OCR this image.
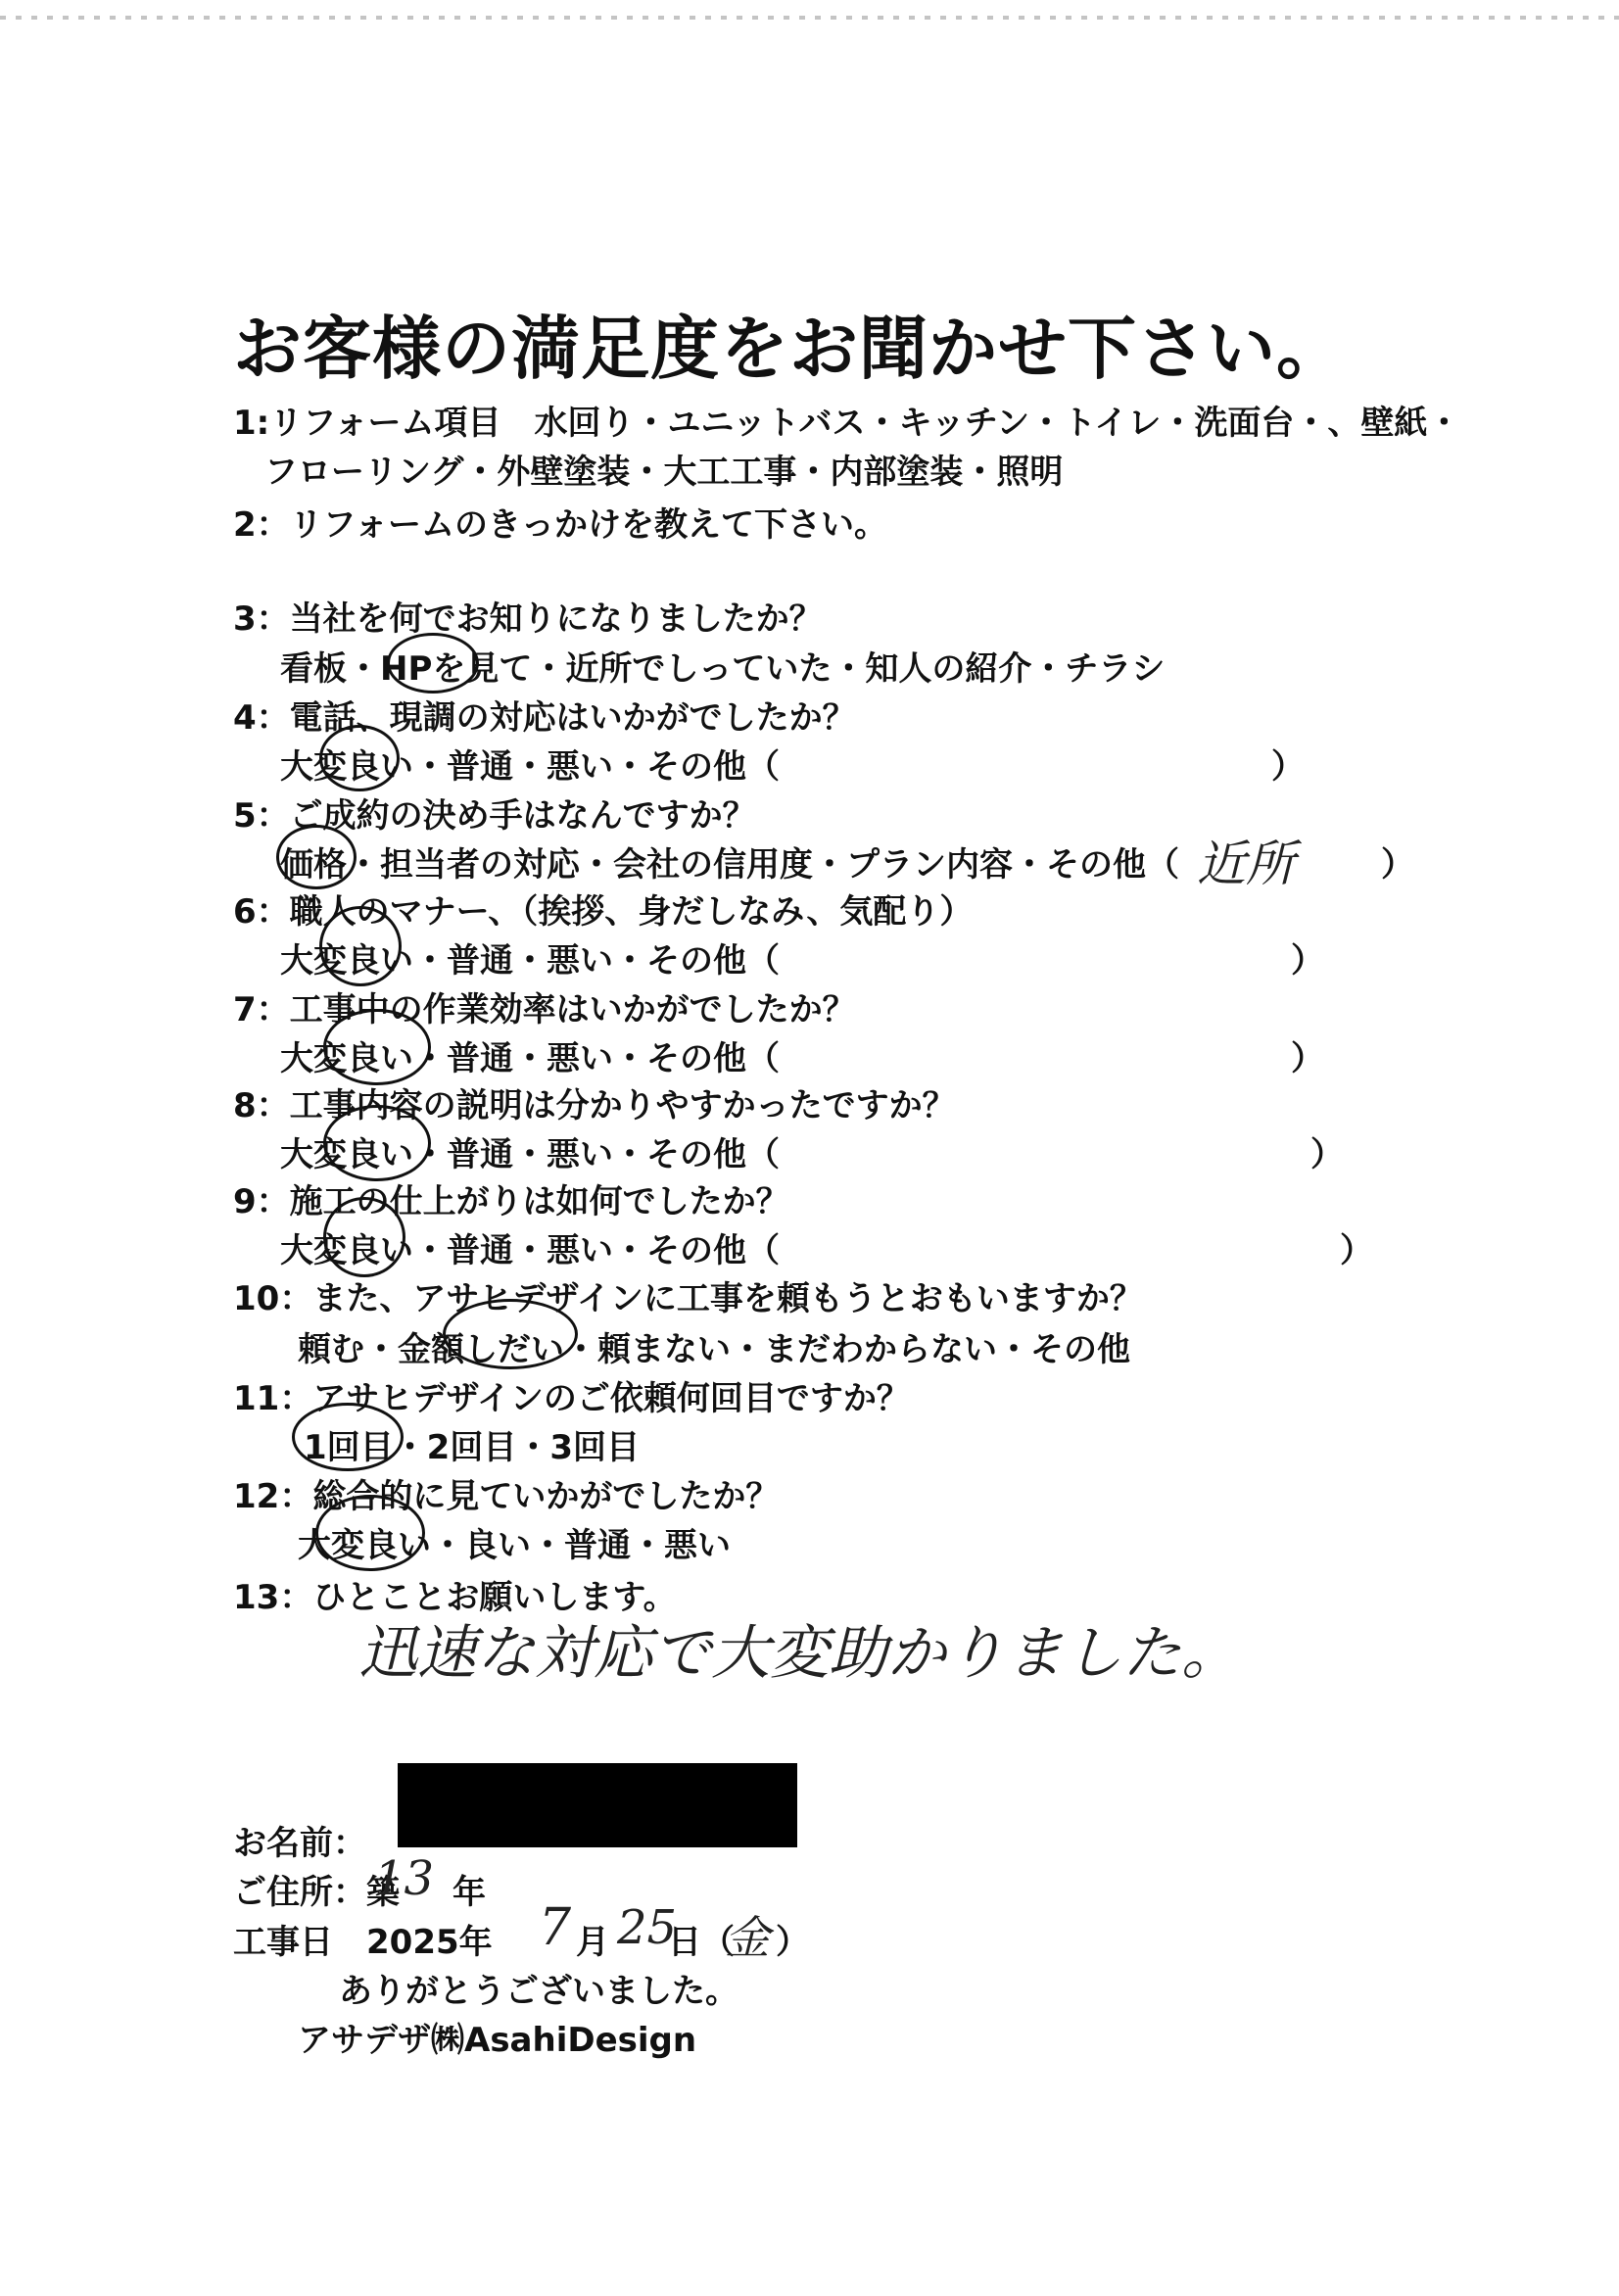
お客様の満足度をお聞かせ下さい。
1:リフォーム項目　水回り・ユニットバス・キッチン・トイレ・洗面台・、壁紙・
フローリング・外壁塗装・大工工事・内部塗装・照明
2：リフォームのきっかけを教えて下さい。
3：当社を何でお知りになりましたか？
看板・HPを見て・近所でしっていた・知人の紹介・チラシ
4：電話、現調の対応はいかがでしたか？
大変良い・普通・悪い・その他（	）
5：ご成約の決め手はなんですか？
価格・担当者の対応・会社の信用度・プラン内容・その他（ 近所	）
6：職人のマナー、（挨拶、身だしなみ、気配り）
大変良い・普通・悪い・その他（	）
7：工事中の作業効率はいかがでしたか？
大変良い・普通・悪い・その他（	）
8：工事内容の説明は分かりやすかったですか？
大変良い・普通・悪い・その他（	）
9：施工の仕上がりは如何でしたか？
大変良い・普通・悪い・その他（	）
10：また、アサヒデザインに工事を頼もうとおもいますか？
頼む・金額しだい・頼まない・まだわからない・その他
11：アサヒデザインのご依頼何回目ですか？
1回目・2回目・3回目
12：総合的に見ていかがでしたか？
大変良い・良い・普通・悪い
13：ひとことお願いします。
迅速な対応で大変助かりました。
お名前：
ご住所：築
13 年
工事日　2025年 7 月 25
日（
金 ）
ありがとうございました。
アサデザ㈱AsahiDesign
